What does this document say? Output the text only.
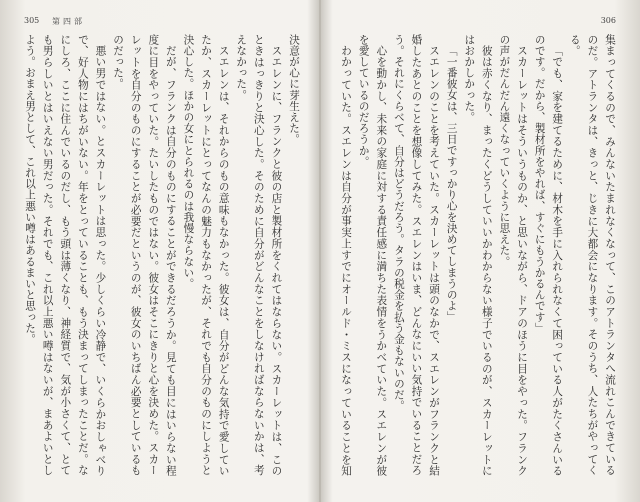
305 第四部

決意が心に芽生えた。

スエレンに、フランクと彼の店と製材所をくれてはならない。スカーレットは、このときはっきりと決心した。そのために自分がどんなことをしなければならないかは、考えなかった。

スエレンは、それからのもの意味もなかった。彼女は、自分がどんな気持で愛していたか、スカーレットにとってなんの魅力もなかったが、それでも自分のものにしようと決心した。ほかの女にとられるのは我慢ならない。

だが、フランクは自分のものにすることができるだろうか。見ても目にはいらない程度に目をやっていた。たいしたものではない。彼女はそこにきりと心を決めた。スカーレットを自分のものにすることが必要だというのが、彼女のいちばん必要としているものだった。

悪い男ではない。とスカーレットは思った。少しくらい冷静で、いくらかおしゃべりで、好人物にはちがいない。年をとっていることも、もう決まってしまったことだ。なにしろ、ここに住んでいるのだし、もう頭は薄くなり、神経質で、気が小さくて、とても男らしいとはいえない男だった。それでも、これ以上悪い噂はないが、まあよいとしよう。おまえ男として、これ以上悪い噂はあるまいと思った。

306

集まってくるので、みんないたまれなくなって、このアトランタへ流れこんできているのだ。アトランタは、きっと、じきに大都会になります。そのうち、人たちがやってくる。

「でも、家を建てるために、材木を手に入れられなくて困っている人がたくさんいるのです。だから、製材所をやれば、すぐにもうかるんです」

スカーレットはそういうものか、と思いながら、ドアのほうに目をやった。フランクの声がだんだん遠くなっていくように思えた。

彼は赤くなり、まったくどうしていいかわからない様子でいるのが、スカーレットにはおかしかった。

「一番彼女は、三日ですっかり心を決めてしまうのよ」

スエレンのことを考えていた。スカーレットは頭のなかで、スエレンがフランクと結婚したあとのことを想像してみた。スエレンはいま、どんなにいい気持でいることだろう。それにくらべて、自分はどうだろう。タラの税金を払う金もないのだ。

心を動かし、未来の家庭に対する責任感に満ちた表情をうかべていた。スエレンが彼を愛しているのだろうか。

わかっていた。スエレンは自分が事実上すでにオールド・ミスになっていることを知
